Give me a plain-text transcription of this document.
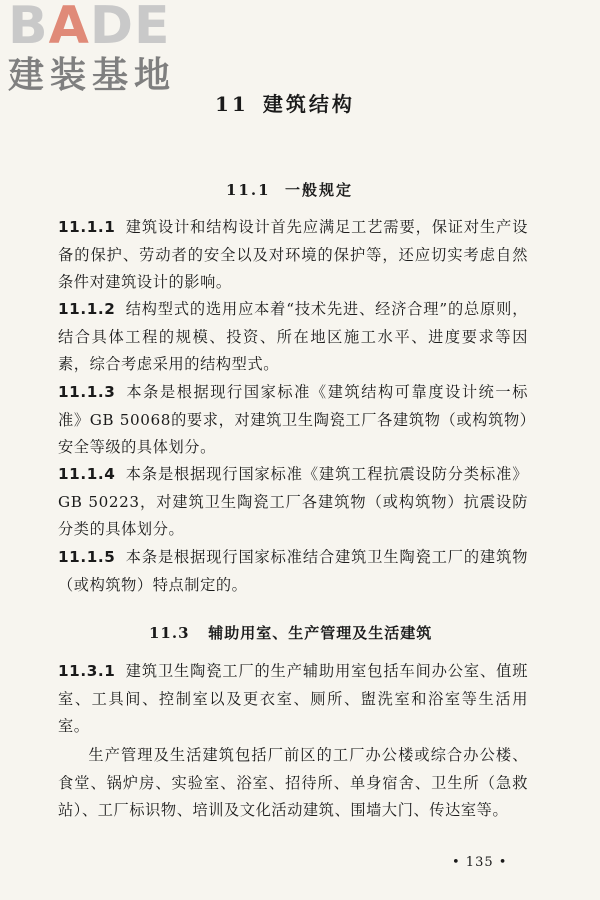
BADE
建装基地
11 建筑结构
11.1 一般规定
11.1.1 建筑设计和结构设计首先应满足工艺需要，保证对生产设备的保护、劳动者的安全以及对环境的保护等，还应切实考虑自然条件对建筑设计的影响。
11.1.2 结构型式的选用应本着“技术先进、经济合理”的总原则，结合具体工程的规模、投资、所在地区施工水平、进度要求等因素，综合考虑采用的结构型式。
11.1.3 本条是根据现行国家标准《建筑结构可靠度设计统一标准》GB 50068的要求，对建筑卫生陶瓷工厂各建筑物（或构筑物）安全等级的具体划分。
11.1.4 本条是根据现行国家标准《建筑工程抗震设防分类标准》GB 50223，对建筑卫生陶瓷工厂各建筑物（或构筑物）抗震设防分类的具体划分。
11.1.5 本条是根据现行国家标准结合建筑卫生陶瓷工厂的建筑物（或构筑物）特点制定的。
11.3 辅助用室、生产管理及生活建筑
11.3.1 建筑卫生陶瓷工厂的生产辅助用室包括车间办公室、值班室、工具间、控制室以及更衣室、厕所、盥洗室和浴室等生活用室。
生产管理及生活建筑包括厂前区的工厂办公楼或综合办公楼、食堂、锅炉房、实验室、浴室、招待所、单身宿舍、卫生所（急救站）、工厂标识物、培训及文化活动建筑、围墙大门、传达室等。
• 135 •
